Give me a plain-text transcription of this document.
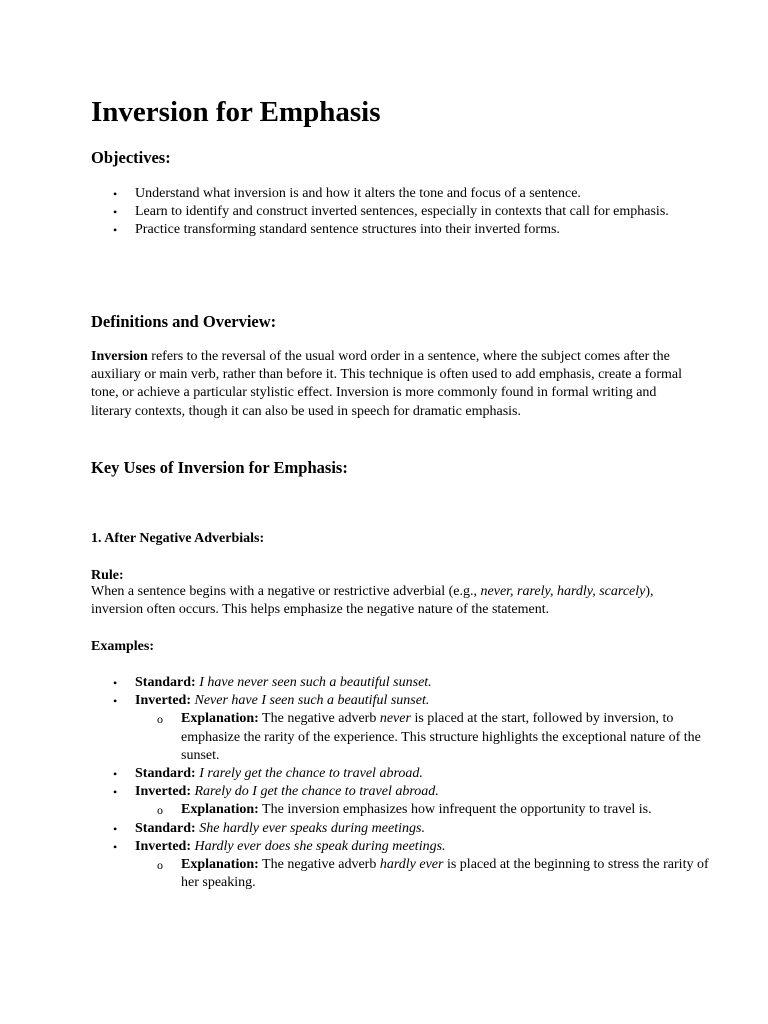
Inversion for Emphasis
Objectives:
• Understand what inversion is and how it alters the tone and focus of a sentence.
• Learn to identify and construct inverted sentences, especially in contexts that call for emphasis.
• Practice transforming standard sentence structures into their inverted forms.
Definitions and Overview:

Inversion refers to the reversal of the usual word order in a sentence, where the subject comes after the auxiliary or main verb, rather than before it. This technique is often used to add emphasis, create a formal tone, or achieve a particular stylistic effect. Inversion is more commonly found in formal writing and literary contexts, though it can also be used in speech for dramatic emphasis.

Key Uses of Inversion for Emphasis:
1. After Negative Adverbials:
Rule:

When a sentence begins with a negative or restrictive adverbial (e.g., never, rarely, hardly, scarcely), inversion often occurs. This helps emphasize the negative nature of the statement.

Examples:
• Standard: I have never seen such a beautiful sunset.
• Inverted: Never have I seen such a beautiful sunset.
o Explanation: The negative adverb never is placed at the start, followed by inversion, to emphasize the rarity of the experience. This structure highlights the exceptional nature of the sunset.
• Standard: I rarely get the chance to travel abroad.
• Inverted: Rarely do I get the chance to travel abroad.
o Explanation: The inversion emphasizes how infrequent the opportunity to travel is.
• Standard: She hardly ever speaks during meetings.
• Inverted: Hardly ever does she speak during meetings.
o Explanation: The negative adverb hardly ever is placed at the beginning to stress the rarity of her speaking.
